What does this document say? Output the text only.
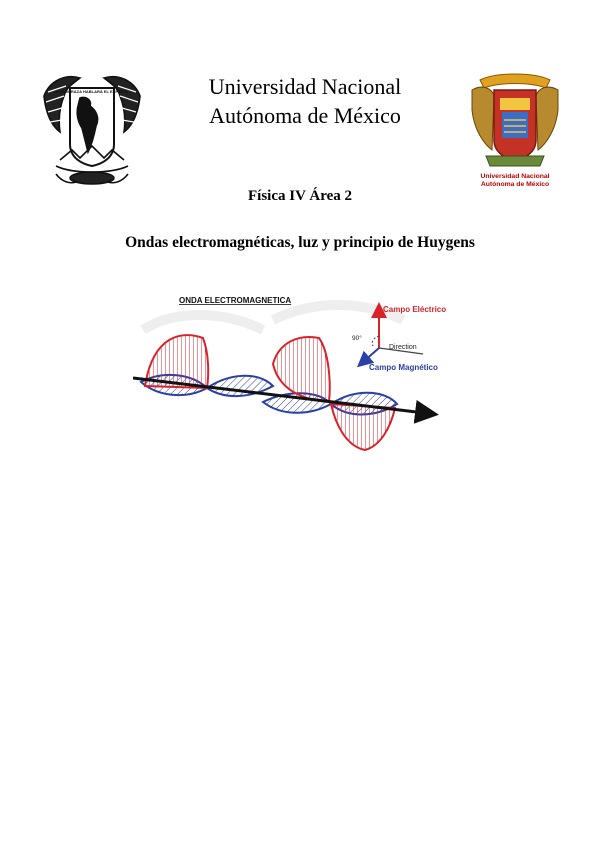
POR MI RAZA HABLARÁ EL ESPÍRITU	Universidad Nacional
Autónoma de México
Universidad Nacional
Autónoma de México
Física IV Área 2
Ondas electromagnéticas, luz y principio de Huygens
ONDA ELECTROMAGNETICA
Campo Eléctrico
90°
Direction
Campo Magnético
